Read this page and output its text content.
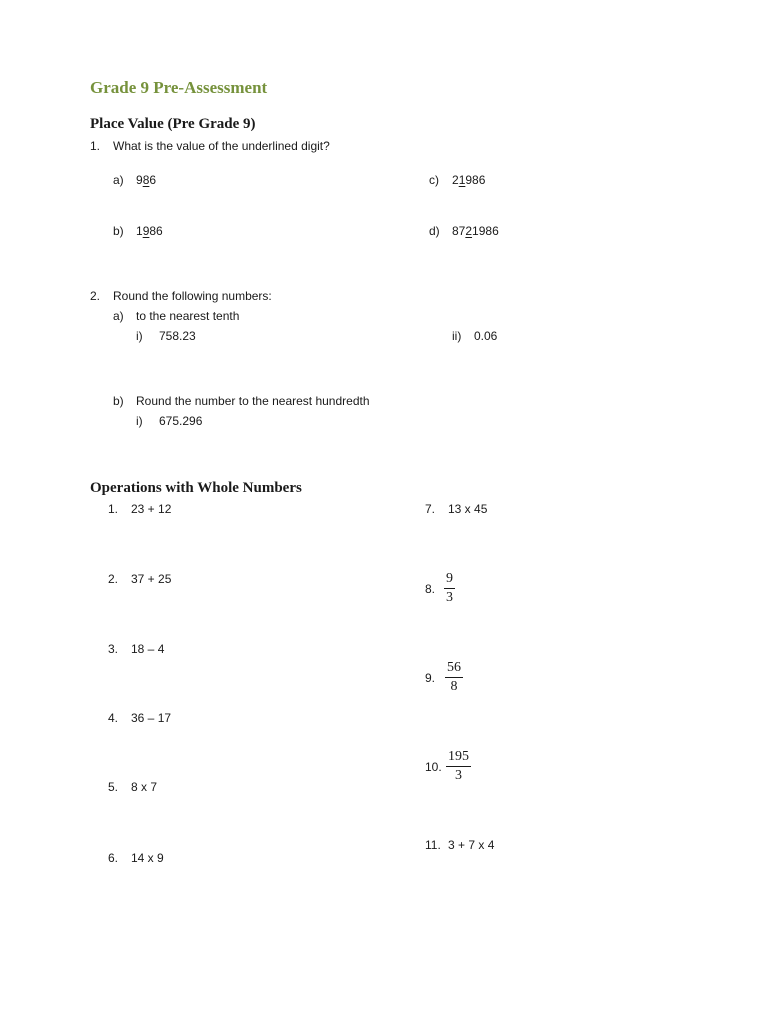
Grade 9 Pre-Assessment
Place Value (Pre Grade 9)
1. What is the value of the underlined digit?
a) 986	c) 21986
b) 1986	d) 8721986
2. Round the following numbers:
a) to the nearest tenth
i) 758.23	ii) 0.06
b) Round the number to the nearest hundredth
i) 675.296
Operations with Whole Numbers
1. 23 + 12
2. 37 + 25
3. 18 – 4
4. 36 – 17
5. 8 x 7
6. 14 x 9
7. 13 x 45
8. $\frac{9}{3}$
9. $\frac{56}{8}$
10. $\frac{195}{3}$
11. 3 + 7 x 4
